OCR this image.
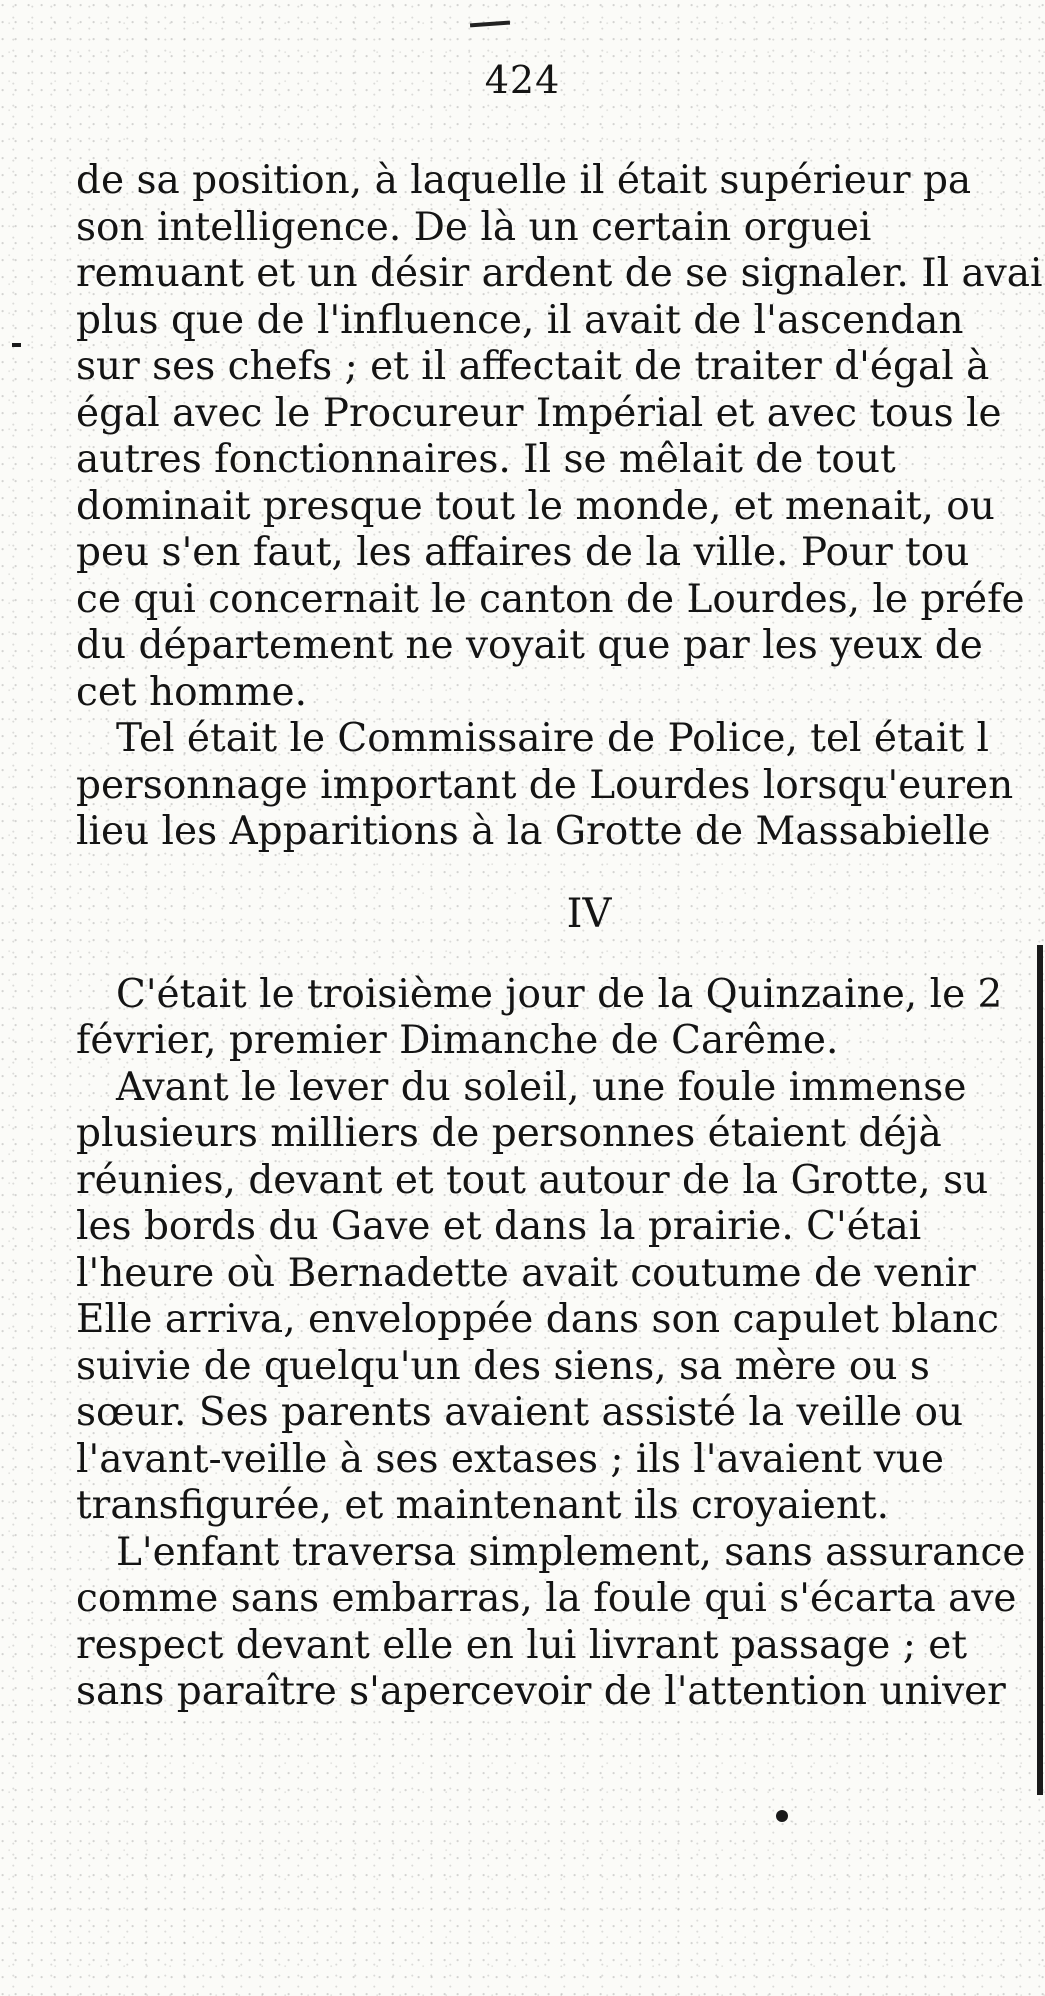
424
de sa position, à laquelle il était supérieur pa
son intelligence. De là un certain orguei
remuant et un désir ardent de se signaler. Il avai
plus que de l'influence, il avait de l'ascendan
sur ses chefs ; et il affectait de traiter d'égal à
égal avec le Procureur Impérial et avec tous le
autres fonctionnaires. Il se mêlait de tout
dominait presque tout le monde, et menait, ou
peu s'en faut, les affaires de la ville. Pour tou
ce qui concernait le canton de Lourdes, le préfe
du département ne voyait que par les yeux de
cet homme.
Tel était le Commissaire de Police, tel était l
personnage important de Lourdes lorsqu'euren
lieu les Apparitions à la Grotte de Massabielle
IV
C'était le troisième jour de la Quinzaine, le 2
février, premier Dimanche de Carême.
Avant le lever du soleil, une foule immense
plusieurs milliers de personnes étaient déjà
réunies, devant et tout autour de la Grotte, su
les bords du Gave et dans la prairie. C'étai
l'heure où Bernadette avait coutume de venir
Elle arriva, enveloppée dans son capulet blanc
suivie de quelqu'un des siens, sa mère ou s
sœur. Ses parents avaient assisté la veille ou
l'avant-veille à ses extases ; ils l'avaient vue
transfigurée, et maintenant ils croyaient.
L'enfant traversa simplement, sans assurance
comme sans embarras, la foule qui s'écarta ave
respect devant elle en lui livrant passage ; et
sans paraître s'apercevoir de l'attention univer
